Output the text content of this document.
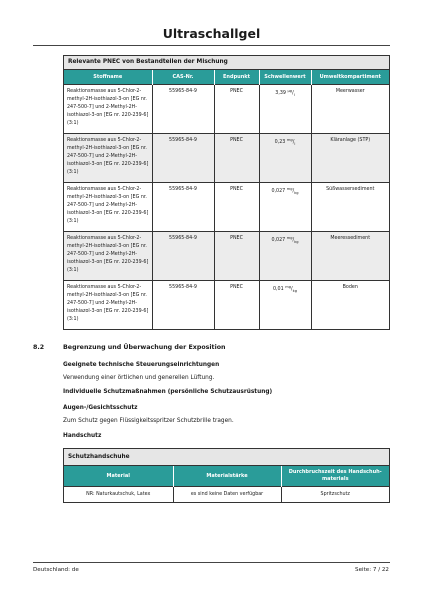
Ultraschallgel
Relevante PNEC von Bestandteilen der Mischung
Stoffname	CAS-Nr.	Endpunkt	Schwellenwert	Umweltkompartiment
Reaktionsmasse aus 5-Chlor-2-methyl-2H-isothiazol-3-on [EG nr. 247-500-7] und 2-Methyl-2H-isothiazol-3-on [EG nr. 220-239-6] (3:1)	55965-84-9	PNEC	3,39 $^{\mu g}/_l$	Meerwasser
Reaktionsmasse aus 5-Chlor-2-methyl-2H-isothiazol-3-on [EG nr. 247-500-7] und 2-Methyl-2H-isothiazol-3-on [EG nr. 220-239-6] (3:1)	55965-84-9	PNEC	0,23 $^{mg}/_l$	Kläranlage (STP)
Reaktionsmasse aus 5-Chlor-2-methyl-2H-isothiazol-3-on [EG nr. 247-500-7] und 2-Methyl-2H-isothiazol-3-on [EG nr. 220-239-6] (3:1)	55965-84-9	PNEC	0,027 $^{mg}/_{kg}$	Süßwassersediment
Reaktionsmasse aus 5-Chlor-2-methyl-2H-isothiazol-3-on [EG nr. 247-500-7] und 2-Methyl-2H-isothiazol-3-on [EG nr. 220-239-6] (3:1)	55965-84-9	PNEC	0,027 $^{mg}/_{kg}$	Meeressediment
Reaktionsmasse aus 5-Chlor-2-methyl-2H-isothiazol-3-on [EG nr. 247-500-7] und 2-Methyl-2H-isothiazol-3-on [EG nr. 220-239-6] (3:1)	55965-84-9	PNEC	0,01 $^{mg}/_{kg}$	Boden
8.2	Begrenzung und Überwachung der Exposition
Geeignete technische Steuerungseinrichtungen
Verwendung einer örtlichen und generellen Lüftung.
Individuelle Schutzmaßnahmen (persönliche Schutzausrüstung)
Augen-/Gesichtsschutz
Zum Schutz gegen Flüssigkeitsspritzer Schutzbrille tragen.
Handschutz
Schutzhandschuhe
Material	Materialstärke	Durchbruchszeit des Handschuh-materials
NR: Naturkautschuk, Latex	es sind keine Daten verfügbar	Spritzschutz
Deutschland: de	Seite: 7 / 22
